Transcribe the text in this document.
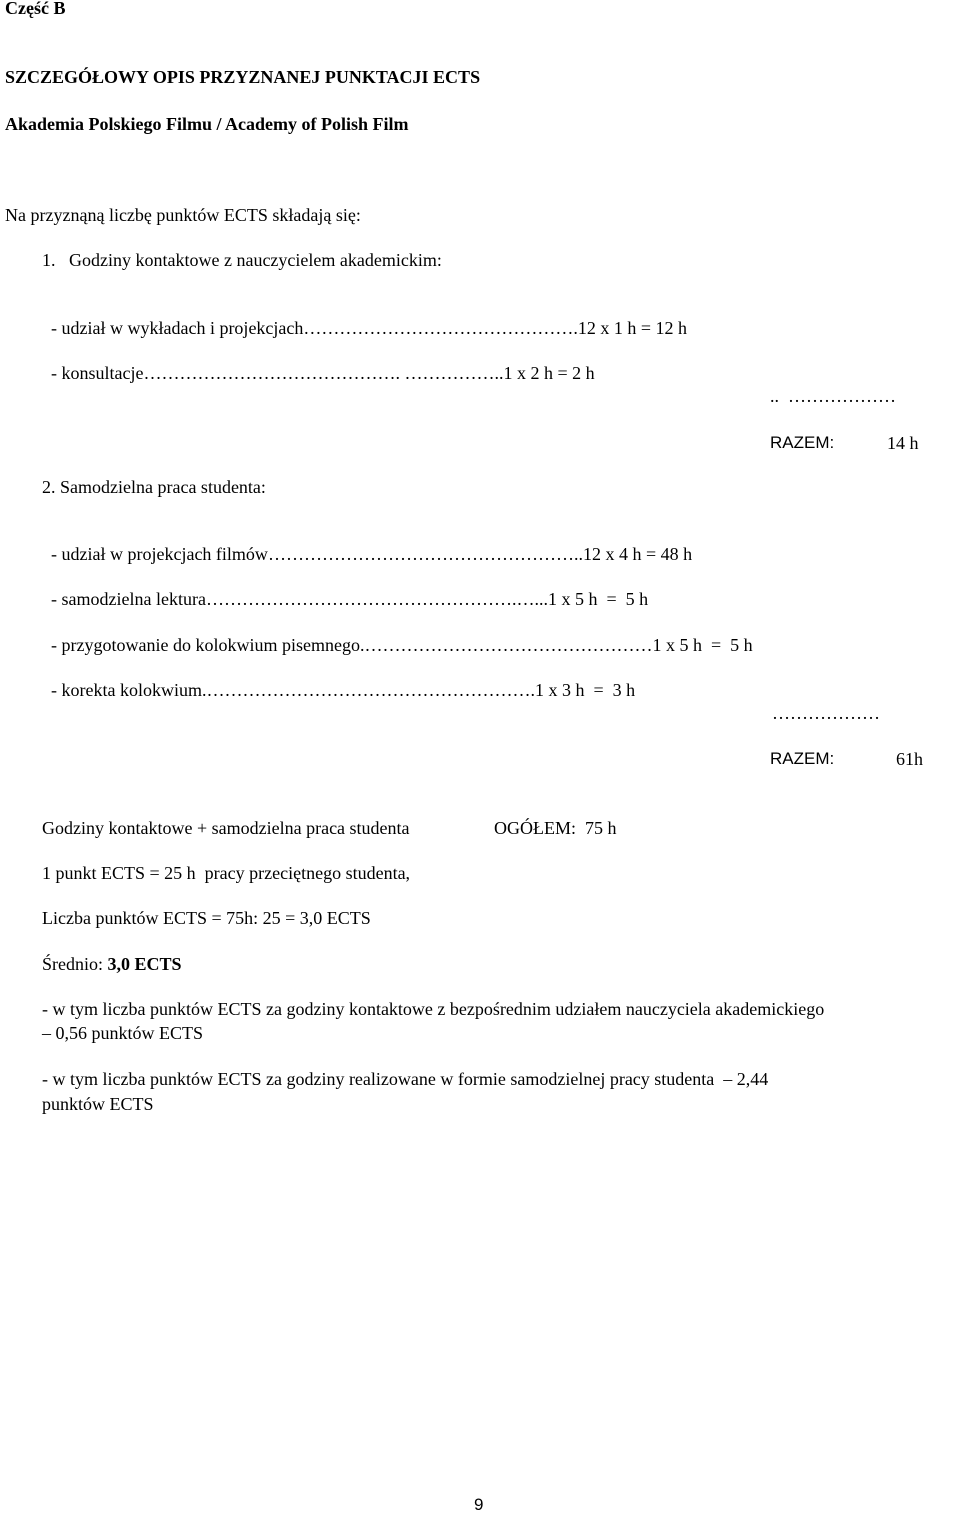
Część B
SZCZEGÓŁOWY OPIS PRZYZNANEJ PUNKTACJI ECTS
Akademia Polskiego Filmu / Academy of Polish Film
Na przyznąną liczbę punktów ECTS składają się:
1.   Godziny kontaktowe z nauczycielem akademickim:

- udział w wykładach i projekcjach……………………………………….12 x 1 h = 12 h

- konsultacje……………………………………. ……………..1 x 2 h = 2 h

..  ………………
RAZEM:	14 h
2. Samodzielna praca studenta:

- udział w projekcjach filmów……………………………………………..12 x 4 h = 48 h

- samodzielna lektura…………………………………………….…...1 x 5 h  =  5 h

- przygotowanie do kolokwium pisemnego.…………………………………………1 x 5 h  =  5 h

- korekta kolokwium.……………………………………………….1 x 3 h  =  3 h

………………
RAZEM:	61h
Godziny kontaktowe + samodzielna praca studenta	OGÓŁEM:  75 h
1 punkt ECTS = 25 h  pracy przeciętnego studenta,
Liczba punktów ECTS = 75h: 25 = 3,0 ECTS
Średnio: 3,0 ECTS
- w tym liczba punktów ECTS za godziny kontaktowe z bezpośrednim udziałem nauczyciela akademickiego
– 0,56 punktów ECTS
- w tym liczba punktów ECTS za godziny realizowane w formie samodzielnej pracy studenta  – 2,44
punktów ECTS
9
